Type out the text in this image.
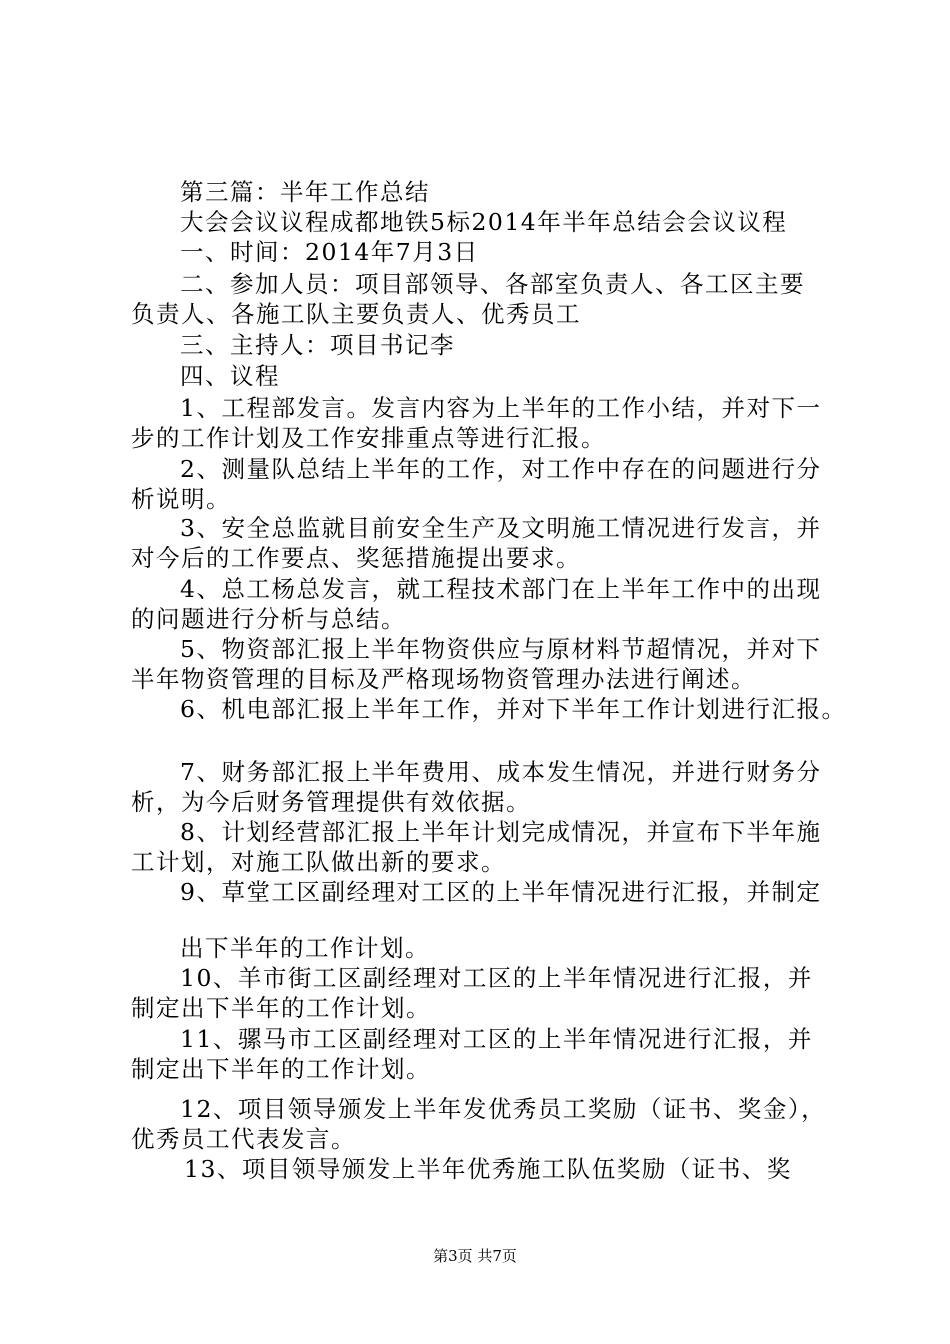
第三篇：半年工作总结
大会会议议程成都地铁5标2014年半年总结会会议议程
一、时间：2014年7月3日
二、参加人员：项目部领导、各部室负责人、各工区主要
负责人、各施工队主要负责人、优秀员工
三、主持人：项目书记李
四、议程
1、工程部发言。发言内容为上半年的工作小结，并对下一
步的工作计划及工作安排重点等进行汇报。
2、测量队总结上半年的工作，对工作中存在的问题进行分
析说明。
3、安全总监就目前安全生产及文明施工情况进行发言，并
对今后的工作要点、奖惩措施提出要求。
4、总工杨总发言，就工程技术部门在上半年工作中的出现
的问题进行分析与总结。
5、物资部汇报上半年物资供应与原材料节超情况，并对下
半年物资管理的目标及严格现场物资管理办法进行阐述。
6、机电部汇报上半年工作，并对下半年工作计划进行汇报。
7、财务部汇报上半年费用、成本发生情况，并进行财务分
析，为今后财务管理提供有效依据。
8、计划经营部汇报上半年计划完成情况，并宣布下半年施
工计划，对施工队做出新的要求。
9、草堂工区副经理对工区的上半年情况进行汇报，并制定
出下半年的工作计划。
10、羊市街工区副经理对工区的上半年情况进行汇报，并
制定出下半年的工作计划。
11、骡马市工区副经理对工区的上半年情况进行汇报，并
制定出下半年的工作计划。
12、项目领导颁发上半年发优秀员工奖励（证书、奖金），
优秀员工代表发言。
13、项目领导颁发上半年优秀施工队伍奖励（证书、奖
第3页 共7页
